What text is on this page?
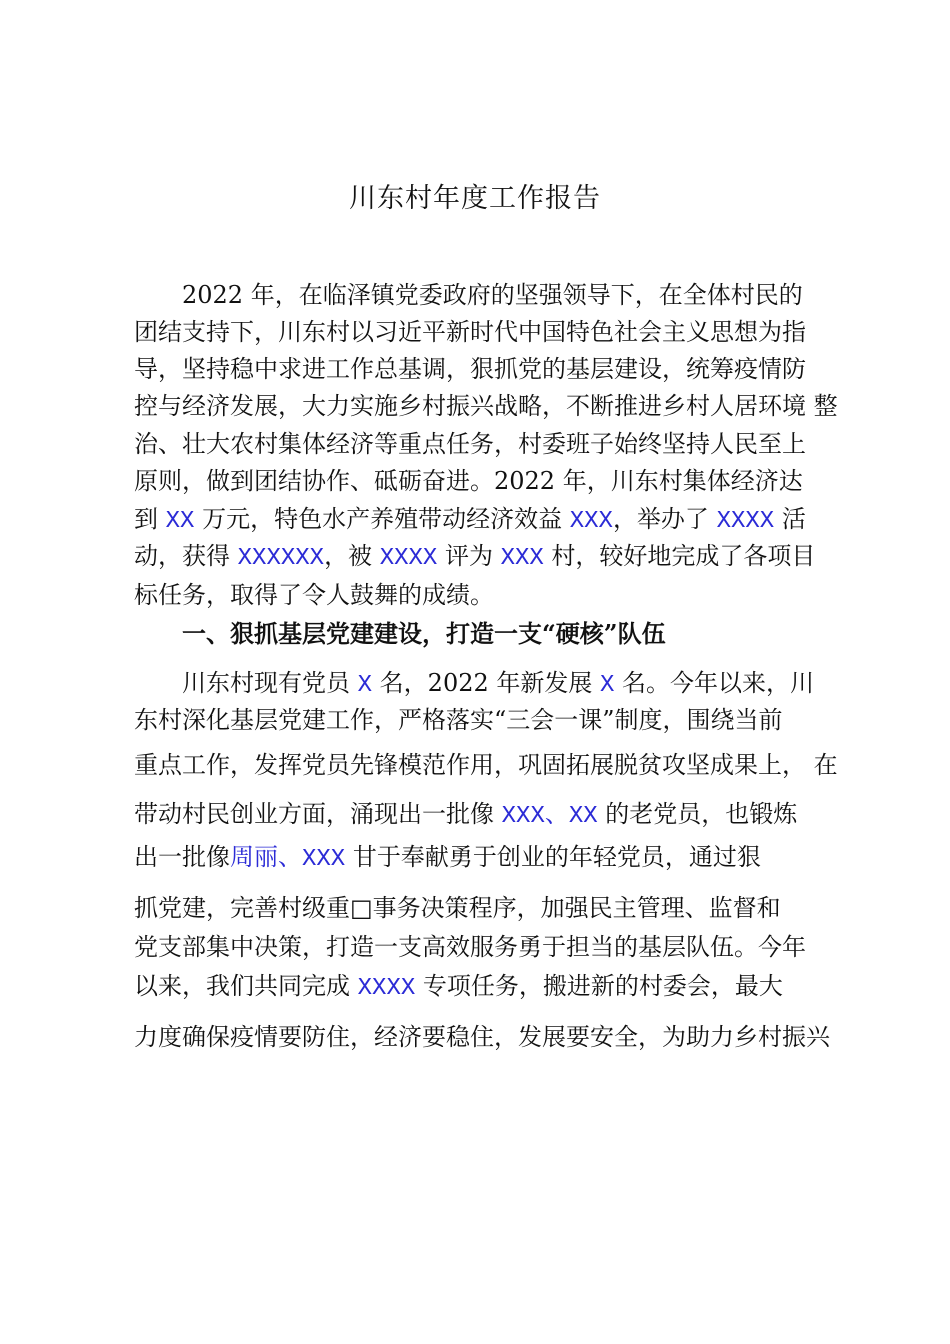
川东村年度工作报告
2022 年，在临泽镇党委政府的坚强领导下，在全体村民的
团结支持下，川东村以习近平新时代中国特色社会主义思想为指
导，坚持稳中求进工作总基调，狠抓党的基层建设，统筹疫情防
控与经济发展，大力实施乡村振兴战略，不断推进乡村人居环境 整
治、壮大农村集体经济等重点任务，村委班子始终坚持人民至上
原则，做到团结协作、砥砺奋进。2022 年，川东村集体经济达
到 XX 万元，特色水产养殖带动经济效益 XXX，举办了 XXXX 活
动，获得 XXXXXX，被 XXXX 评为 XXX 村，较好地完成了各项目
标任务，取得了令人鼓舞的成绩。
一、狠抓基层党建建设，打造一支“硬核”队伍
川东村现有党员 X 名，2022 年新发展 X 名。今年以来，川
东村深化基层党建工作，严格落实“三会一课”制度，围绕当前
重点工作，发挥党员先锋模范作用，巩固拓展脱贫攻坚成果上， 在
带动村民创业方面，涌现出一批像 XXX、XX 的老党员，也锻炼
出一批像周丽、XXX 甘于奉献勇于创业的年轻党员，通过狠
抓党建，完善村级重□事务决策程序，加强民主管理、监督和
党支部集中决策，打造一支高效服务勇于担当的基层队伍。今年
以来，我们共同完成 XXXX 专项任务，搬进新的村委会，最大
力度确保疫情要防住，经济要稳住，发展要安全，为助力乡村振兴
